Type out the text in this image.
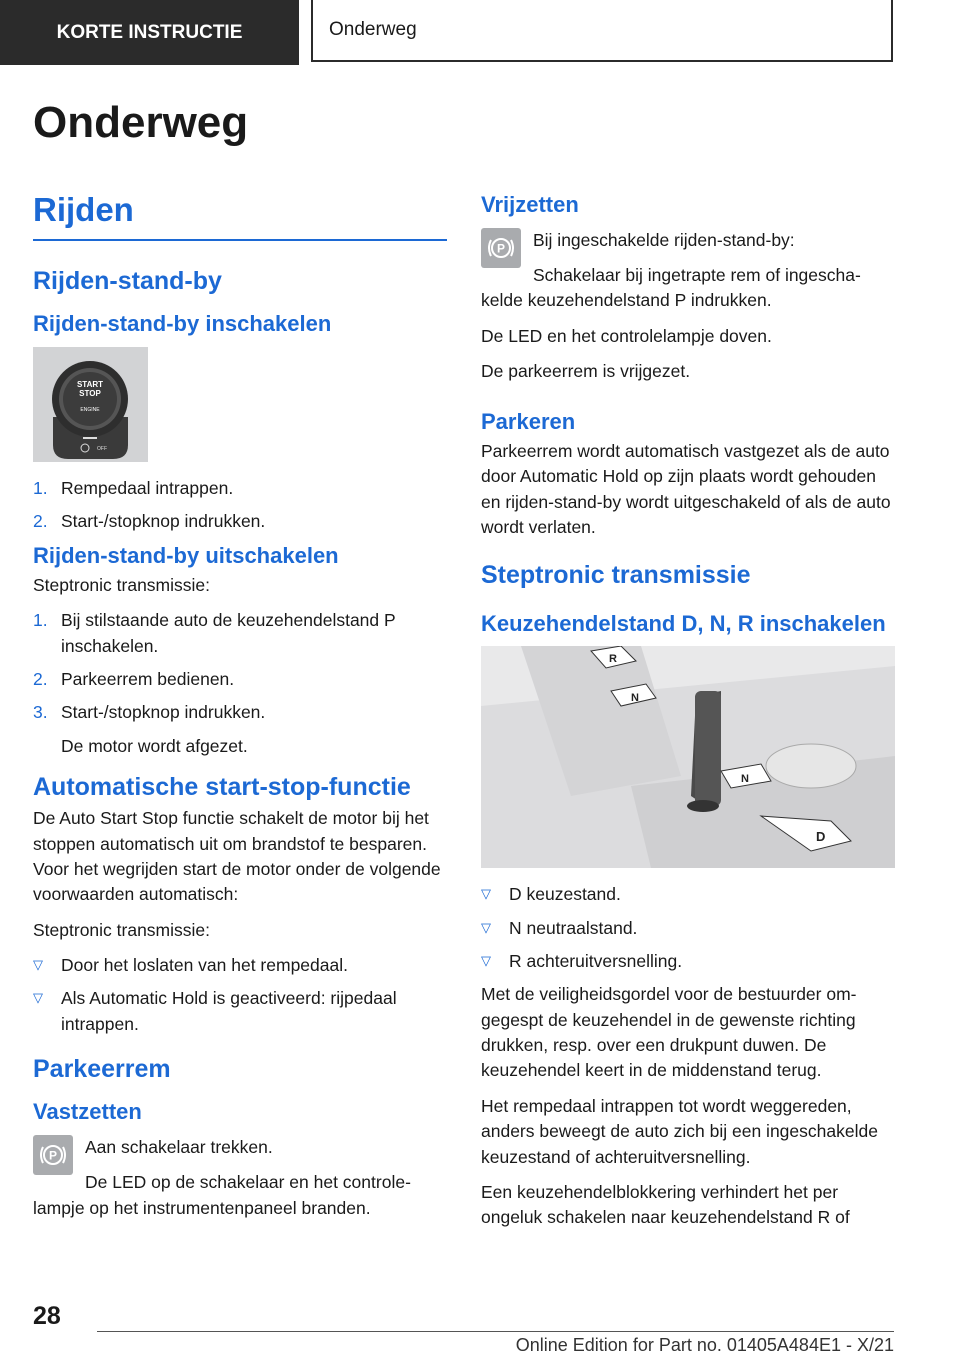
KORTE INSTRUCTIE	Onderweg
Onderweg
Rijden
Rijden-stand-by
Rijden-stand-by inschakelen
START
STOP
ENGINE
OFF
1. Rempedaal intrappen.
2. Start-/stopknop indrukken.
Rijden-stand-by uitschakelen

Steptronic transmissie:

1. Bij stilstaande auto de keuzehendelstand P inschakelen.
2. Parkeerrem bedienen.
3. Start-/stopknop indrukken.
De motor wordt afgezet.
Automatische start-stop-functie

De Auto Start Stop functie schakelt de motor bij het stoppen automatisch uit om brandstof te besparen. Voor het wegrijden start de motor onder de volgende voorwaarden automatisch:

Steptronic transmissie:

▽	Door het loslaten van het rempedaal.
▽	Als Automatic Hold is geactiveerd: rijpedaal intrappen.
Parkeerrem
Vastzetten
P	Aan schakelaar trekken.

De LED op de schakelaar en het controlelampje op het instrumentenpaneel branden.

Vrijzetten
P	Bij ingeschakelde rijden-stand-by:

Schakelaar bij ingetrapte rem of ingeschakelde keuzehendelstand P indrukken.

De LED en het controlelampje doven.

De parkeerrem is vrijgezet.

Parkeren

Parkeerrem wordt automatisch vastgezet als de auto door Automatic Hold op zijn plaats wordt gehouden en rijden-stand-by wordt uitgeschakeld of als de auto wordt verlaten.

Steptronic transmissie
Keuzehendelstand D, N, R inschakelen
R
N
N
D
▽	D keuzestand.
▽	N neutraalstand.
▽	R achteruitversnelling.

Met de veiligheidsgordel voor de bestuurder omgegespt de keuzehendel in de gewenste richting drukken, resp. over een drukpunt duwen. De keuzehendel keert in de middenstand terug.

Het rempedaal intrappen tot wordt weggereden, anders beweegt de auto zich bij een ingeschakelde keuzestand of achteruitversnelling.

Een keuzehendelblokkering verhindert het per ongeluk schakelen naar keuzehendelstand R of

28
Online Edition for Part no. 01405A484E1 - X/21
